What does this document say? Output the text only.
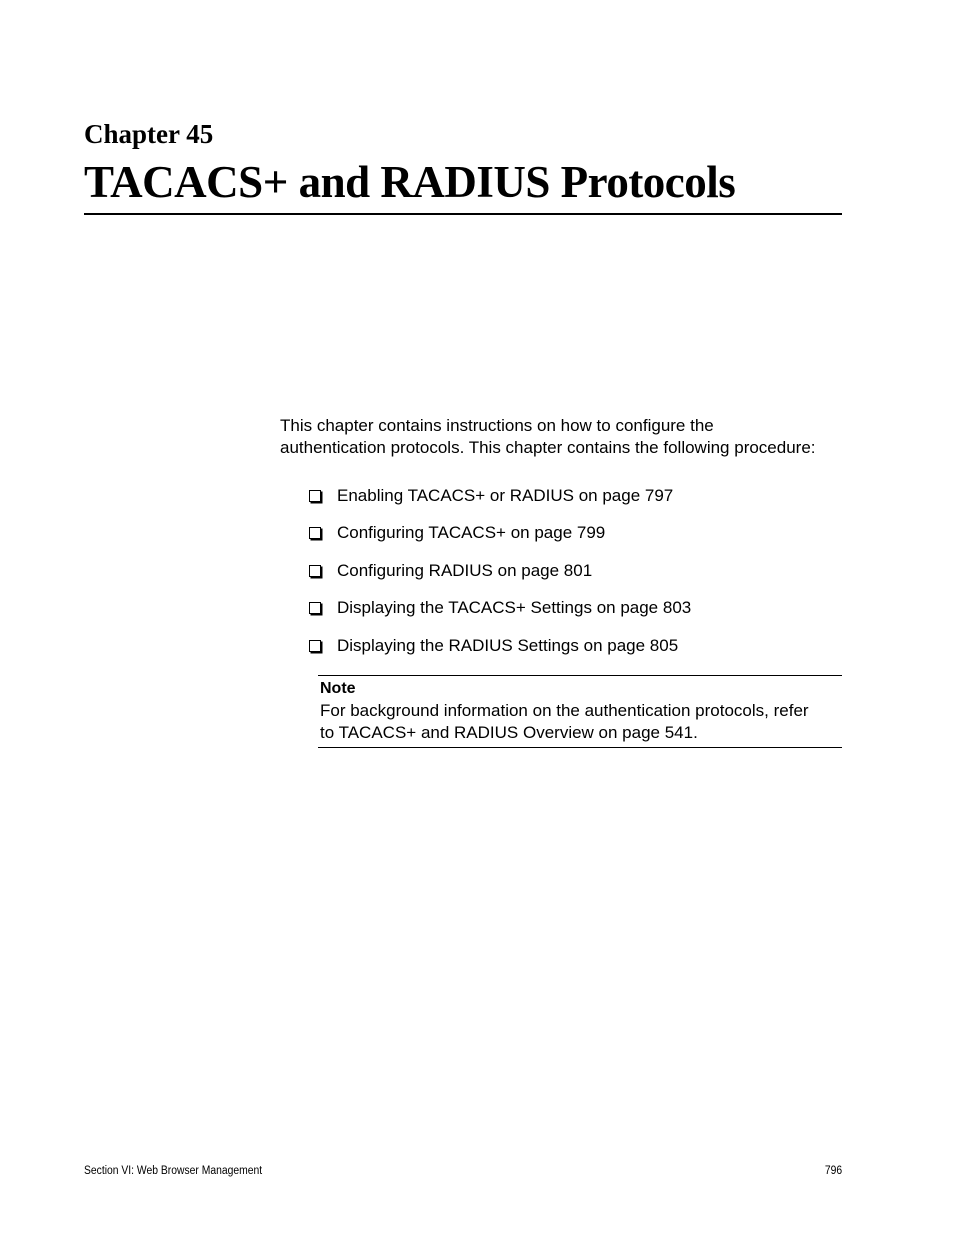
Chapter 45
TACACS+ and RADIUS Protocols
This chapter contains instructions on how to configure the
authentication protocols. This chapter contains the following procedure:
Enabling TACACS+ or RADIUS on page 797
Configuring TACACS+ on page 799
Configuring RADIUS on page 801
Displaying the TACACS+ Settings on page 803
Displaying the RADIUS Settings on page 805
Note
For background information on the authentication protocols, refer
to TACACS+ and RADIUS Overview on page 541.
Section VI: Web Browser Management	796
